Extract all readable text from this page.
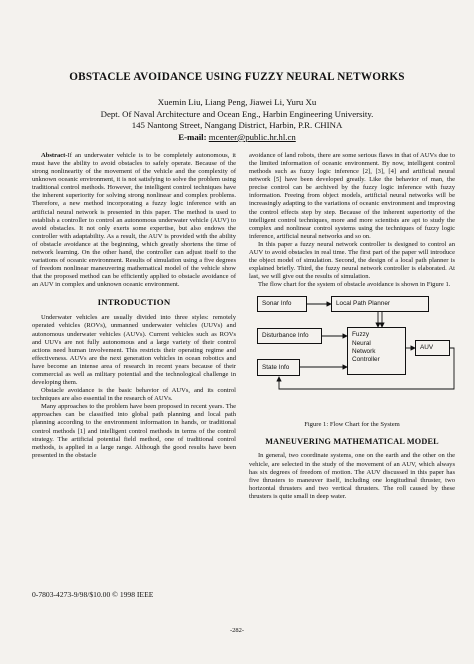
OBSTACLE AVOIDANCE USING FUZZY NEURAL NETWORKS
Xuemin Liu, Liang Peng, Jiawei Li, Yuru Xu
Dept. Of Naval Architecture and Ocean Eng., Harbin Engineering University.
145 Nantong Street, Nangang District, Harbin, P.R. CHINA
E-mail: mcenter@public.hr.hl.cn

Abstract-If an underwater vehicle is to be completely autonomous, it must have the ability to avoid obstacles to safely operate. Because of the strong nonlinearity of the movement of the vehicle and the complexity of unknown oceanic environment, it is not satisfying to solve the problem using traditional control methods. However, the intelligent control techniques have the inherent superiority for solving strong nonlinear and complex problems. Therefore, a new method incorporating a fuzzy logic inference with an artificial neural network is presented in this paper. The method is used to establish a controller to control an autonomous underwater vehicle (AUV) to avoid obstacles. It not only exerts some expertise, but also endows the controller with adaptability. As a result, the AUV is provided with the ability of obstacle avoidance at the beginning, which greatly shortens the time of network learning. On the other hand, the controller can adjust itself to the variations of oceanic environment. Results of simulation using a five degrees of freedom nonlinear maneuvering mathematical model of the vehicle show that the proposed method can be efficiently applied to obstacle avoidance of an AUV in complex and unknown oceanic environment.

INTRODUCTION

Underwater vehicles are usually divided into three styles: remotely operated vehicles (ROVs), unmanned underwater vehicles (UUVs) and autonomous underwater vehicles (AUVs). Current vehicles such as ROVs and UUVs are not fully autonomous and a large variety of their control actions need human involvement. This restricts their operating regime and effectiveness. AUVs are the next generation vehicles in ocean robotics and have become an intense area of research in recent years because of their commercial as well as military potential and the technological challenge in developing them.

Obstacle avoidance is the basic behavior of AUVs, and its control techniques are also essential in the research of AUVs.

Many approaches to the problem have been proposed in recent years. The approaches can be classified into global path planning and local path planning according to the environment information in hands, or traditional control methods [1] and intelligent control methods in terms of the control strategy. The artificial potential field method, one of traditional control methods, is applied in a large range. Although the good results have been presented in the obstacle

avoidance of land robots, there are some serious flaws in that of AUVs due to the limited information of oceanic environment. By now, intelligent control methods such as fuzzy logic inference [2], [3], [4] and artificial neural network [5] have been developed greatly. Like the behavior of man, the precise control can be archived by the fuzzy logic inference with fuzzy information. Freeing from object models, artificial neural networks will be increasingly adapting to the variations of oceanic environment and improving the control effects step by step. Because of the inherent superiority of the intelligent control techniques, more and more scientists are apt to study the complex and nonlinear control systems using the techniques of fuzzy logic inference, artificial neural networks and so on.

In this paper a fuzzy neural network controller is designed to control an AUV to avoid obstacles in real time. The first part of the paper will introduce the object model of simulation. Second, the design of a local path planner is explained briefly. Third, the fuzzy neural network controller is elaborated. At last, we will give out the results of simulation.

The flow chart for the system of obstacle avoidance is shown in Figure 1.

Sonar Info	Local Path Planner
Disturbance Info	Fuzzy
Neural
Network
Controller
AUV
State Info
Figure 1: Flow Chart for the System
MANEUVERING MATHEMATICAL MODEL

In general, two coordinate systems, one on the earth and the other on the vehicle, are selected in the study of the movement of an AUV, which always has six degrees of freedom of motion. The AUV discussed in this paper has five thrusters to maneuver itself, including one longitudinal thruster, two horizontal thrusters and two vertical thrusters. The roll caused by these thrusters is quite small in deep water.

0-7803-4273-9/98/$10.00 © 1998 IEEE
-282-
